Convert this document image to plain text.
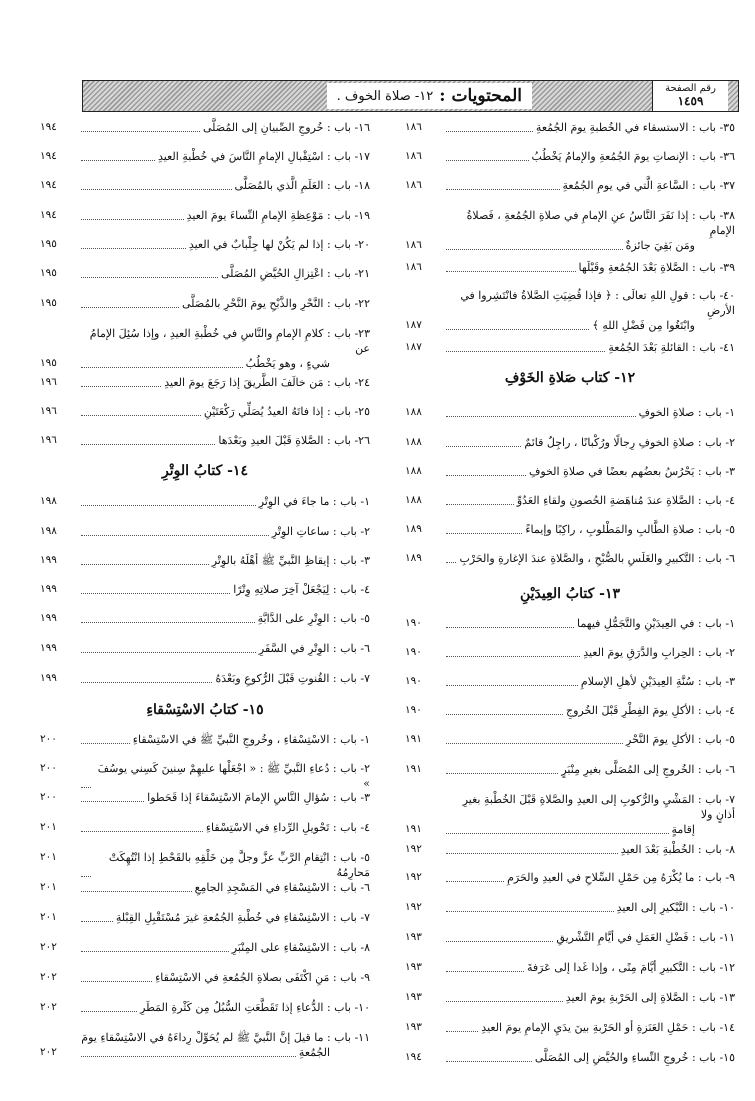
رقم الصفحة
١٤٥٩
المحتويات :
١٢- صلاة الخوف .
٣٥- باب : الاستسقاء في الخُطبةِ يومَ الجُمُعةِ
١٨٦
٣٦- باب : الإنصاتِ يومَ الجُمُعةِ والإمامُ يَخْطُبُ
١٨٦
٣٧- باب : السَّاعةِ الَّتي في يومِ الجُمُعةِ
١٨٦
٣٨- باب : إذا نَفَرَ النَّاسُ عنِ الإمامِ في صلاةِ الجُمُعةِ ، فَصلاةُ الإمامِ
ومَن بَقِيَ جائزةٌ
١٨٦
٣٩- باب : الصَّلاةِ بَعْدَ الجُمُعةِ وقَبْلَها
١٨٦
٤٠- باب : قولِ اللهِ تعالَى : ﴿ فإذا قُضِيَتِ الصَّلاةُ فانْتَشِروا في الأرضِ
وابْتَغُوا مِن فَضْلِ اللهِ ﴾
١٨٧
٤١- باب : القائلةِ بَعْدَ الجُمُعةِ
١٨٧
١٢- كتاب صَلاةِ الخَوْفِ
١- باب : صلاةِ الخوفِ
١٨٨
٢- باب : صلاةِ الخوفِ رِجالًا ورُكْبانًا ، راجِلٌ قائمٌ
١٨٨
٣- باب : يَحْرُسُ بعضُهم بعضًا في صلاةِ الخوفِ
١٨٨
٤- باب : الصَّلاةِ عندَ مُناهَضةِ الحُصونِ ولقاءِ العَدُوِّ
١٨٨
٥- باب : صلاةِ الطَّالبِ والمَطْلوبِ ، راكِبًا وإيماءً
١٨٩
٦- باب : التَّكبيرِ والغَلَسِ بالصُّبْحِ ، والصَّلاةِ عندَ الإغارةِ والحَرْبِ
١٨٩
١٣- كتابُ العِيدَيْنِ
١- باب : في العِيدَيْنِ والتَّجَمُّلِ فيهما
١٩٠
٢- باب : الحِرابِ والدَّرَقِ يومَ العيدِ
١٩٠
٣- باب : سُنَّةِ العِيدَيْنِ لأهلِ الإسلامِ
١٩٠
٤- باب : الأكلِ يومَ الفِطْرِ قَبْلَ الخُروجِ
١٩٠
٥- باب : الأكلِ يومَ النَّحْرِ
١٩١
٦- باب : الخُروجِ إلى المُصَلَّى بغيرِ مِنْبَرٍ
١٩١
٧- باب : المَشْيِ والرُّكوبِ إلى العيدِ والصَّلاةِ قَبْلَ الخُطْبةِ بغيرِ أذانٍ ولا
إقامةٍ
١٩١
٨- باب : الخُطْبةِ بَعْدَ العيدِ
١٩٢
٩- باب : ما يُكْرَهُ مِن حَمْلِ السِّلاحِ في العيدِ والحَرَمِ
١٩٢
١٠- باب : التَّبْكيرِ إلى العيدِ
١٩٢
١١- باب : فَضْلِ العَمَلِ في أيَّامِ التَّشْريقِ
١٩٣
١٢- باب : التَّكبيرِ أيَّامَ مِنًى ، وإذا غَدا إلى عَرَفةَ
١٩٣
١٣- باب : الصَّلاةِ إلى الحَرْبةِ يومَ العيدِ
١٩٣
١٤- باب : حَمْلِ العَنَزةِ أو الحَرْبةِ بينَ يدَيِ الإمامِ يومَ العيدِ
١٩٣
١٥- باب : خُروجِ النِّساءِ والحُيَّضِ إلى المُصَلَّى
١٩٤
١٦- باب : خُروجِ الصِّبيانِ إلى المُصَلَّى
١٩٤
١٧- باب : اسْتِقْبالِ الإمامِ النَّاسَ في خُطْبةِ العيدِ
١٩٤
١٨- باب : العَلَمِ الَّذي بالمُصَلَّى
١٩٤
١٩- باب : مَوْعِظةِ الإمامِ النِّساءَ يومَ العيدِ
١٩٤
٢٠- باب : إذا لم يَكُنْ لها جِلْبابٌ في العيدِ
١٩٥
٢١- باب : اعْتِزالِ الحُيَّضِ المُصَلَّى
١٩٥
٢٢- باب : النَّحْرِ والذَّبْحِ يومَ النَّحْرِ بالمُصَلَّى
١٩٥
٢٣- باب : كلامِ الإمامِ والنَّاسِ في خُطْبةِ العيدِ ، وإذا سُئِلَ الإمامُ عن
شيءٍ ، وهو يَخْطُبُ
١٩٥
٢٤- باب : مَن خالَفَ الطَّريقَ إذا رَجَعَ يومَ العيدِ
١٩٦
٢٥- باب : إذا فاتَهُ العيدُ يُصَلِّي رَكْعَتَيْنِ
١٩٦
٢٦- باب : الصَّلاةِ قَبْلَ العيدِ وبَعْدَها
١٩٦
١٤- كتابُ الوِتْرِ
١- باب : ما جاءَ في الوِتْرِ
١٩٨
٢- باب : ساعاتِ الوِتْرِ
١٩٨
٣- باب : إيقاظِ النَّبيِّ ﷺ أهْلَهُ بالوِتْرِ
١٩٩
٤- باب : لِيَجْعَلْ آخِرَ صلاتِهِ وِتْرًا
١٩٩
٥- باب : الوِتْرِ على الدَّابَّةِ
١٩٩
٦- باب : الوِتْرِ في السَّفَرِ
١٩٩
٧- باب : القُنوتِ قَبْلَ الرُّكوعِ وبَعْدَهُ
١٩٩
١٥- كتابُ الاسْتِسْقاءِ
١- باب : الاسْتِسْقاءِ ، وخُروجِ النَّبيِّ ﷺ في الاسْتِسْقاءِ
٢٠٠
٢- باب : دُعاءِ النَّبيِّ ﷺ : « اجْعَلْها عليهِمْ سِنينَ كَسِني يوسُفَ »
٢٠٠
٣- باب : سُؤالِ النَّاسِ الإمامَ الاسْتِسْقاءَ إذا قَحَطوا
٢٠٠
٤- باب : تَحْويلِ الرِّداءِ في الاسْتِسْقاءِ
٢٠١
٥- باب : انْتِقامِ الرَّبِّ عزَّ وجلَّ مِن خَلْقِهِ بالقَحْطِ إذا انْتُهِكَتْ مَحارِمُهُ
٢٠١
٦- باب : الاسْتِسْقاءِ في المَسْجِدِ الجامِعِ
٢٠١
٧- باب : الاسْتِسْقاءِ في خُطْبةِ الجُمُعةِ غيرَ مُسْتَقْبِلِ القِبْلةِ
٢٠١
٨- باب : الاسْتِسْقاءِ على المِنْبَرِ
٢٠٢
٩- باب : مَنِ اكْتَفَى بصلاةِ الجُمُعةِ في الاسْتِسْقاءِ
٢٠٢
١٠- باب : الدُّعاءِ إذا تَقَطَّعَتِ السُّبُلُ مِن كَثْرةِ المَطَرِ
٢٠٢
١١- باب : ما قيلَ إنَّ النَّبيَّ ﷺ لم يُحَوِّلْ رِداءَهُ في الاسْتِسْقاءِ يومَ
الجُمُعةِ
٢٠٢
